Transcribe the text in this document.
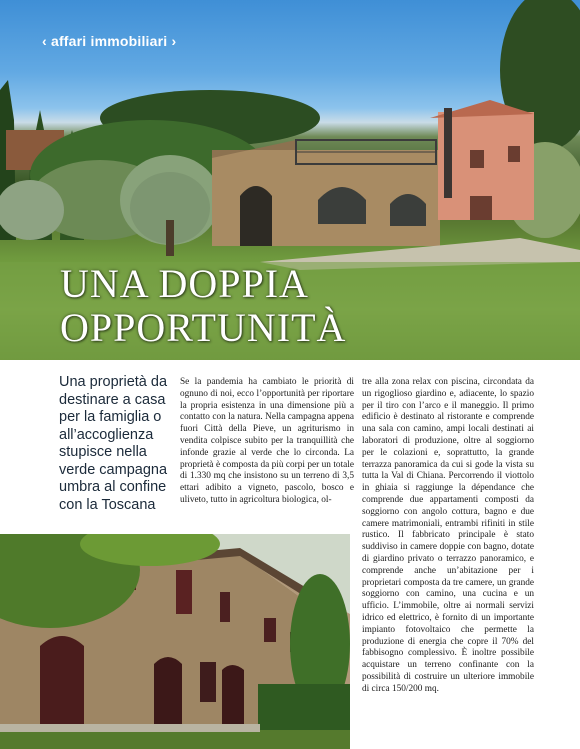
‹ affari immobiliari ›
UNA DOPPIA
OPPORTUNITÀ
Una proprietà da destinare a casa per la famiglia o all’accoglienza stupisce nella verde campagna umbra al confine con la Toscana
Se la pandemia ha cambiato le priorità di ognuno di noi, ecco l’opportunità per riportare la propria esistenza in una dimensione più a contatto con la natura. Nella campagna appena fuori Città della Pieve, un agriturismo in vendita colpisce subito per la tranquillità che infonde grazie al verde che lo circonda. La proprietà è composta da più corpi per un totale di 1.330 mq che insistono su un terreno di 3,5 ettari adibito a vigneto, pascolo, bosco e uliveto, tutto in agricoltura biologica, ol-
tre alla zona relax con piscina, circondata da un rigoglioso giardino e, adiacente, lo spazio per il tiro con l’arco e il maneggio. Il primo edificio è destinato al ristorante e comprende una sala con camino, ampi locali destinati ai laboratori di produzione, oltre al soggiorno per le colazioni e, soprattutto, la grande terrazza panoramica da cui si gode la vista su tutta la Val di Chiana. Percorrendo il viottolo in ghiaia si raggiunge la dépendance che comprende due appartamenti composti da soggiorno con angolo cottura, bagno e due camere matrimoniali, entrambi rifiniti in stile rustico. Il fabbricato principale è stato suddiviso in camere doppie con bagno, dotate di giardino privato o terrazzo panoramico, e comprende anche un’abitazione per i proprietari composta da tre camere, un grande soggiorno con camino, una cucina e un ufficio. L’immobile, oltre ai normali servizi idrico ed elettrico, è fornito di un importante impianto fotovoltaico che permette la produzione di energia che copre il 70% del fabbisogno complessivo. È inoltre possibile acquistare un terreno confinante con la possibilità di costruire un ulteriore immobile di circa 150/200 mq.
